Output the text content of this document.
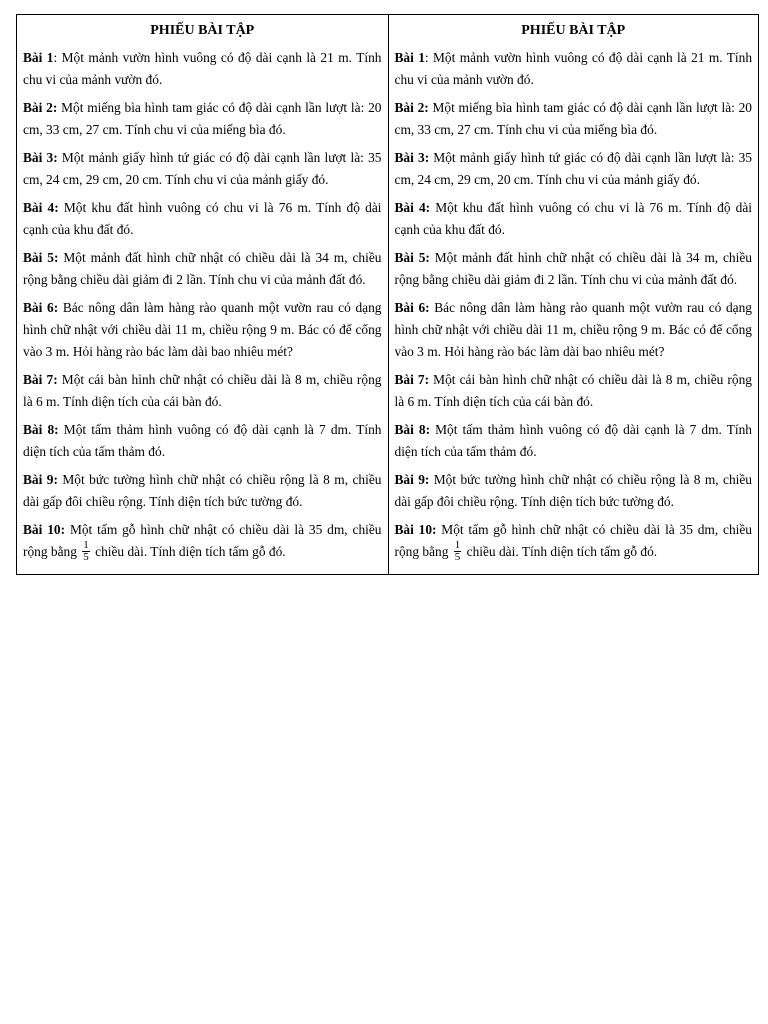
PHIẾU BÀI TẬP

Bài 1: Một mảnh vườn hình vuông có độ dài cạnh là 21 m. Tính chu vi của mảnh vườn đó.

Bài 2: Một miếng bìa hình tam giác có độ dài cạnh lần lượt là: 20 cm, 33 cm, 27 cm. Tính chu vi của miếng bìa đó.

Bài 3: Một mảnh giấy hình tứ giác có độ dài cạnh lần lượt là: 35 cm, 24 cm, 29 cm, 20 cm. Tính chu vi của mảnh giấy đó.

Bài 4: Một khu đất hình vuông có chu vi là 76 m. Tính độ dài cạnh của khu đất đó.

Bài 5: Một mảnh đất hình chữ nhật có chiều dài là 34 m, chiều rộng bằng chiều dài giảm đi 2 lần. Tính chu vi của mảnh đất đó.

Bài 6: Bác nông dân làm hàng rào quanh một vườn rau có dạng hình chữ nhật với chiều dài 11 m, chiều rộng 9 m. Bác có để cổng vào 3 m. Hỏi hàng rào bác làm dài bao nhiêu mét?

Bài 7: Một cái bàn hình chữ nhật có chiều dài là 8 m, chiều rộng là 6 m. Tính diện tích của cái bàn đó.

Bài 8: Một tấm thảm hình vuông có độ dài cạnh là 7 dm. Tính diện tích của tấm thảm đó.

Bài 9: Một bức tường hình chữ nhật có chiều rộng là 8 m, chiều dài gấp đôi chiều rộng. Tính diện tích bức tường đó.

Bài 10: Một tấm gỗ hình chữ nhật có chiều dài là 35 dm, chiều rộng bằng $\frac{1}{5}$ chiều dài. Tính diện tích tấm gỗ đó.

PHIẾU BÀI TẬP

Bài 1: Một mảnh vườn hình vuông có độ dài cạnh là 21 m. Tính chu vi của mảnh vườn đó.

Bài 2: Một miếng bìa hình tam giác có độ dài cạnh lần lượt là: 20 cm, 33 cm, 27 cm. Tính chu vi của miếng bìa đó.

Bài 3: Một mảnh giấy hình tứ giác có độ dài cạnh lần lượt là: 35 cm, 24 cm, 29 cm, 20 cm. Tính chu vi của mảnh giấy đó.

Bài 4: Một khu đất hình vuông có chu vi là 76 m. Tính độ dài cạnh của khu đất đó.

Bài 5: Một mảnh đất hình chữ nhật có chiều dài là 34 m, chiều rộng bằng chiều dài giảm đi 2 lần. Tính chu vi của mảnh đất đó.

Bài 6: Bác nông dân làm hàng rào quanh một vườn rau có dạng hình chữ nhật với chiều dài 11 m, chiều rộng 9 m. Bác có để cổng vào 3 m. Hỏi hàng rào bác làm dài bao nhiêu mét?

Bài 7: Một cái bàn hình chữ nhật có chiều dài là 8 m, chiều rộng là 6 m. Tính diện tích của cái bàn đó.

Bài 8: Một tấm thảm hình vuông có độ dài cạnh là 7 dm. Tính diện tích của tấm thảm đó.

Bài 9: Một bức tường hình chữ nhật có chiều rộng là 8 m, chiều dài gấp đôi chiều rộng. Tính diện tích bức tường đó.

Bài 10: Một tấm gỗ hình chữ nhật có chiều dài là 35 dm, chiều rộng bằng $\frac{1}{5}$ chiều dài. Tính diện tích tấm gỗ đó.
